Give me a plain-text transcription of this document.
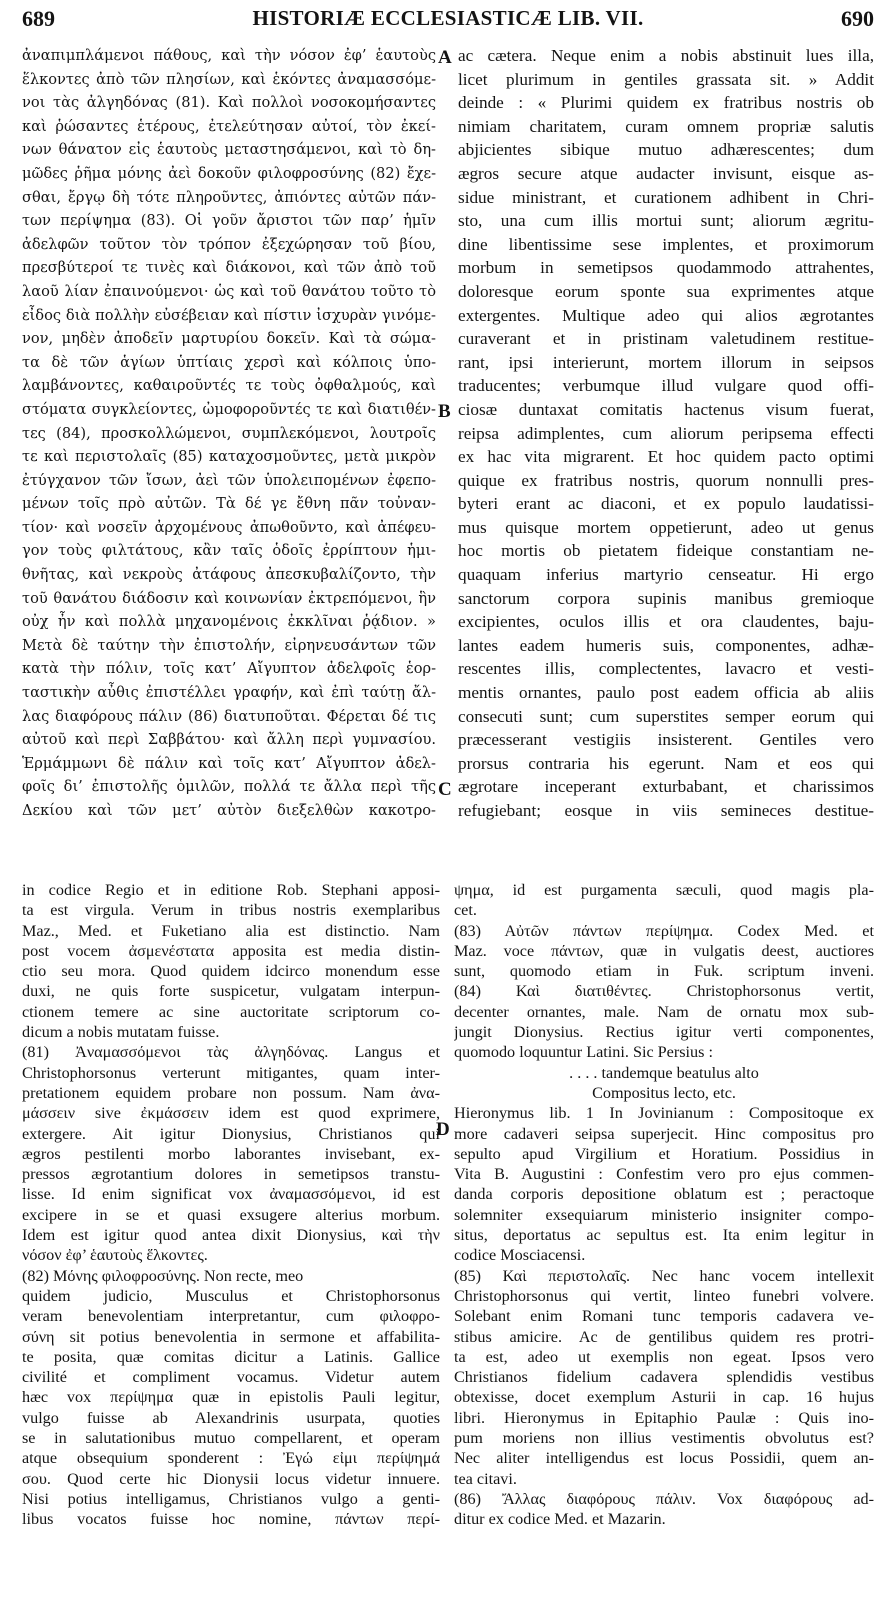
689	HISTORIÆ ECCLESIASTICÆ LIB. VII.	690
ἀναπιμπλάμενοι πάθους, καὶ τὴν νόσον ἐφ’ ἑαυτοὺς
ἕλκοντες ἀπὸ τῶν πλησίων, καὶ ἑκόντες ἀναμασσόμε-
νοι τὰς ἀλγηδόνας (81). Καὶ πολλοὶ νοσοκομήσαντες
καὶ ῥώσαντες ἑτέρους, ἐτελεύτησαν αὐτοί, τὸν ἐκεί-
νων θάνατον εἰς ἑαυτοὺς μεταστησάμενοι, καὶ τὸ δη-
μῶδες ῥῆμα μόνης ἀεὶ δοκοῦν φιλοφροσύνης (82) ἔχε-
σθαι, ἔργῳ δὴ τότε πληροῦντες, ἀπιόντες αὐτῶν πάν-
των περίψημα (83). Οἱ γοῦν ἄριστοι τῶν παρ’ ἡμῖν
ἀδελφῶν τοῦτον τὸν τρόπον ἐξεχώρησαν τοῦ βίου,
πρεσβύτεροί τε τινὲς καὶ διάκονοι, καὶ τῶν ἀπὸ τοῦ
λαοῦ λίαν ἐπαινούμενοι· ὡς καὶ τοῦ θανάτου τοῦτο τὸ
εἶδος διὰ πολλὴν εὐσέβειαν καὶ πίστιν ἰσχυρὰν γινόμε-
νον, μηδὲν ἀποδεῖν μαρτυρίου δοκεῖν. Καὶ τὰ σώμα-
τα δὲ τῶν ἁγίων ὑπτίαις χερσὶ καὶ κόλποις ὑπο-
λαμβάνοντες, καθαιροῦντές τε τοὺς ὀφθαλμούς, καὶ
στόματα συγκλείοντες, ὠμοφοροῦντές τε καὶ διατιθέν-
τες (84), προσκολλώμενοι, συμπλεκόμενοι, λουτροῖς
τε καὶ περιστολαῖς (85) καταχοσμοῦντες, μετὰ μικρὸν
ἐτύγχανον τῶν ἴσων, ἀεὶ τῶν ὑπολειπομένων ἐφεπο-
μένων τοῖς πρὸ αὐτῶν. Τὰ δέ γε ἔθνη πᾶν τοὐναν-
τίον· καὶ νοσεῖν ἀρχομένους ἀπωθοῦντο, καὶ ἀπέφευ-
γον τοὺς φιλτάτους, κἂν ταῖς ὁδοῖς ἐρρίπτουν ἡμι-
θνῆτας, καὶ νεκροὺς ἀτάφους ἀπεσκυβαλίζοντο, τὴν
τοῦ θανάτου διάδοσιν καὶ κοινωνίαν ἐκτρεπόμενοι, ἣν
οὐχ ἦν καὶ πολλὰ μηχανομένοις ἐκκλῖναι ῥᾴδιον. »
Μετὰ δὲ ταύτην τὴν ἐπιστολήν, εἰρηνευσάντων τῶν
κατὰ τὴν πόλιν, τοῖς κατ’ Αἴγυπτον ἀδελφοῖς ἑορ-
ταστικὴν αὖθις ἐπιστέλλει γραφήν, καὶ ἐπὶ ταύτῃ ἄλ-
λας διαφόρους πάλιν (86) διατυποῦται. Φέρεται δέ τις
αὐτοῦ καὶ περὶ Σαββάτου· καὶ ἄλλη περὶ γυμνασίου.
Ἑρμάμμωνι δὲ πάλιν καὶ τοῖς κατ’ Αἴγυπτον ἀδελ-
φοῖς δι’ ἐπιστολῆς ὁμιλῶν, πολλά τε ἄλλα περὶ τῆς
Δεκίου καὶ τῶν μετ’ αὐτὸν διεξελθὼν κακοτρο-
A
B
C
D
ac cætera. Neque enim a nobis abstinuit lues illa,
licet plurimum in gentiles grassata sit. » Addit
deinde : « Plurimi quidem ex fratribus nostris ob
nimiam charitatem, curam omnem propriæ salutis
abjicientes sibique mutuo adhærescentes; dum
ægros secure atque audacter invisunt, eisque as-
sidue ministrant, et curationem adhibent in Chri-
sto, una cum illis mortui sunt; aliorum ægritu-
dine libentissime sese implentes, et proximorum
morbum in semetipsos quodammodo attrahentes,
doloresque eorum sponte sua exprimentes atque
extergentes. Multique adeo qui alios ægrotantes
curaverant et in pristinam valetudinem restitue-
rant, ipsi interierunt, mortem illorum in seipsos
traducentes; verbumque illud vulgare quod offi-
ciosæ duntaxat comitatis hactenus visum fuerat,
reipsa adimplentes, cum aliorum peripsema effecti
ex hac vita migrarent. Et hoc quidem pacto optimi
quique ex fratribus nostris, quorum nonnulli pres-
byteri erant ac diaconi, et ex populo laudatissi-
mus quisque mortem oppetierunt, adeo ut genus
hoc mortis ob pietatem fideique constantiam ne-
quaquam inferius martyrio censeatur. Hi ergo
sanctorum corpora supinis manibus gremioque
excipientes, oculos illis et ora claudentes, baju-
lantes eadem humeris suis, componentes, adhæ-
rescentes illis, complectentes, lavacro et vesti-
mentis ornantes, paulo post eadem officia ab aliis
consecuti sunt; cum superstites semper eorum qui
præcesserant vestigiis insisterent. Gentiles vero
prorsus contraria his egerunt. Nam et eos qui
ægrotare inceperant exturbabant, et charissimos
refugiebant; eosque in viis semineces destitue-
in codice Regio et in editione Rob. Stephani apposi-
ta est virgula. Verum in tribus nostris exemplaribus
Maz., Med. et Fuketiano alia est distinctio. Nam
post vocem ἀσμενέστατα apposita est media distin-
ctio seu mora. Quod quidem idcirco monendum esse
duxi, ne quis forte suspicetur, vulgatam interpun-
ctionem temere ac sine auctoritate scriptorum co-
dicum a nobis mutatam fuisse.
(81) Ἀναμασσόμενοι τὰς ἀλγηδόνας. Langus et
Christophorsonus verterunt mitigantes, quam inter-
pretationem equidem probare non possum. Nam ἀνα-
μάσσειν sive ἐκμάσσειν idem est quod exprimere,
extergere. Ait igitur Dionysius, Christianos qui
ægros pestilenti morbo laborantes invisebant, ex-
pressos ægrotantium dolores in semetipsos transtu-
lisse. Id enim significat vox ἀναμασσόμενοι, id est
excipere in se et quasi exsugere alterius morbum.
Idem est igitur quod antea dixit Dionysius, καὶ τὴν
νόσον ἐφ’ ἑαυτοὺς ἕλκοντες.
(82) Μόνης φιλοφροσύνης. Non recte, meo
quidem judicio, Musculus et Christophorsonus
veram benevolentiam interpretantur, cum φιλοφρο-
σύνη sit potius benevolentia in sermone et affabilita-
te posita, quæ comitas dicitur a Latinis. Gallice
civilité et compliment vocamus. Videtur autem
hæc vox περίψημα quæ in epistolis Pauli legitur,
vulgo fuisse ab Alexandrinis usurpata, quoties
se in salutationibus mutuo compellarent, et operam
atque obsequium sponderent : Ἐγώ εἰμι περίψημά
σου. Quod certe hic Dionysii locus videtur innuere.
Nisi potius intelligamus, Christianos vulgo a genti-
libus vocatos fuisse hoc nomine, πάντων περί-
ψημα, id est purgamenta sæculi, quod magis pla-
cet.
(83) Αὐτῶν πάντων περίψημα. Codex Med. et
Maz. voce πάντων, quæ in vulgatis deest, auctiores
sunt, quomodo etiam in Fuk. scriptum inveni.
(84) Καὶ διατιθέντες. Christophorsonus vertit,
decenter ornantes, male. Nam de ornatu mox sub-
jungit Dionysius. Rectius igitur verti componentes,
quomodo loquuntur Latini. Sic Persius :
. . . . tandemque beatulus alto
Compositus lecto, etc.
Hieronymus lib. 1 In Jovinianum : Compositoque ex
more cadaveri seipsa superjecit. Hinc compositus pro
sepulto apud Virgilium et Horatium. Possidius in
Vita B. Augustini : Confestim vero pro ejus commen-
danda corporis depositione oblatum est ; peractoque
solemniter exsequiarum ministerio insigniter compo-
situs, deportatus ac sepultus est. Ita enim legitur in
codice Mosciacensi.
(85) Καὶ περιστολαῖς. Nec hanc vocem intellexit
Christophorsonus qui vertit, linteo funebri volvere.
Solebant enim Romani tunc temporis cadavera ve-
stibus amicire. Ac de gentilibus quidem res protri-
ta est, adeo ut exemplis non egeat. Ipsos vero
Christianos fidelium cadavera splendidis vestibus
obtexisse, docet exemplum Asturii in cap. 16 hujus
libri. Hieronymus in Epitaphio Paulæ : Quis ino-
pum moriens non illius vestimentis obvolutus est?
Nec aliter intelligendus est locus Possidii, quem an-
tea citavi.
(86) Ἄλλας διαφόρους πάλιν. Vox διαφόρους ad-
ditur ex codice Med. et Mazarin.
